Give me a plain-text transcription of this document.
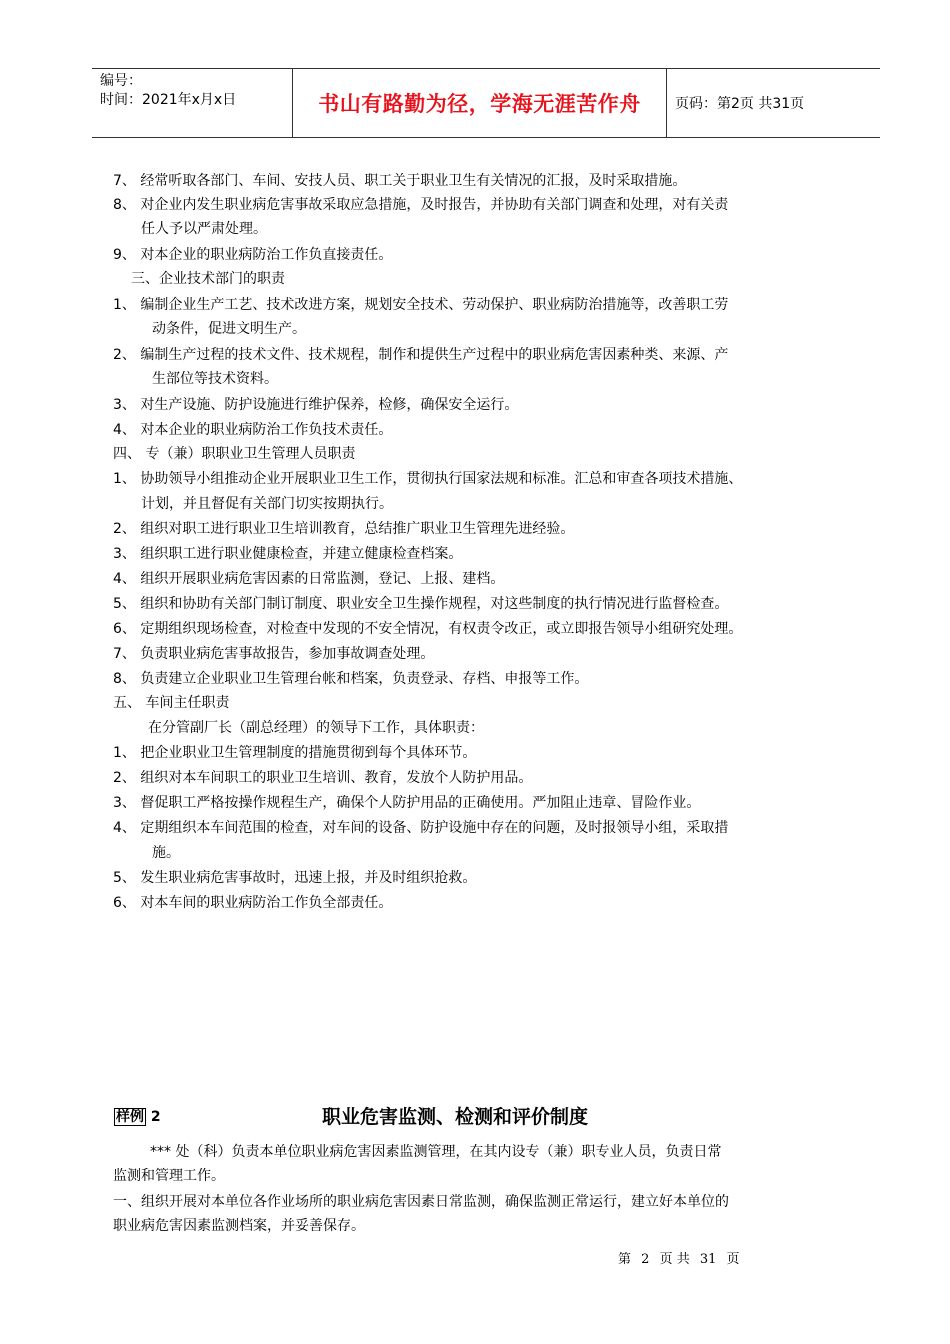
编号：
时间：2021年x月x日	书山有路勤为径，学海无涯苦作舟 页码：第2页 共31页
7、 经常听取各部门、车间、安技人员、职工关于职业卫生有关情况的汇报，及时采取措施。
8、 对企业内发生职业病危害事故采取应急措施，及时报告，并协助有关部门调查和处理，对有关责
任人予以严肃处理。
9、 对本企业的职业病防治工作负直接责任。
三、企业技术部门的职责
1、 编制企业生产工艺、技术改进方案，规划安全技术、劳动保护、职业病防治措施等，改善职工劳
动条件，促进文明生产。
2、 编制生产过程的技术文件、技术规程，制作和提供生产过程中的职业病危害因素种类、来源、产
生部位等技术资料。
3、 对生产设施、防护设施进行维护保养，检修，确保安全运行。
4、 对本企业的职业病防治工作负技术责任。
四、 专（兼）职职业卫生管理人员职责
1、 协助领导小组推动企业开展职业卫生工作，贯彻执行国家法规和标准。汇总和审查各项技术措施、
计划，并且督促有关部门切实按期执行。
2、 组织对职工进行职业卫生培训教育，总结推广职业卫生管理先进经验。
3、 组织职工进行职业健康检查，并建立健康检查档案。
4、 组织开展职业病危害因素的日常监测，登记、上报、建档。
5、 组织和协助有关部门制订制度、职业安全卫生操作规程，对这些制度的执行情况进行监督检查。
6、 定期组织现场检查，对检查中发现的不安全情况，有权责令改正，或立即报告领导小组研究处理。
7、 负责职业病危害事故报告，参加事故调查处理。
8、 负责建立企业职业卫生管理台帐和档案，负责登录、存档、申报等工作。
五、 车间主任职责
在分管副厂长（副总经理）的领导下工作，具体职责：
1、 把企业职业卫生管理制度的措施贯彻到每个具体环节。
2、 组织对本车间职工的职业卫生培训、教育，发放个人防护用品。
3、 督促职工严格按操作规程生产，确保个人防护用品的正确使用。严加阻止违章、冒险作业。
4、 定期组织本车间范围的检查，对车间的设备、防护设施中存在的问题，及时报领导小组，采取措
施。
5、 发生职业病危害事故时，迅速上报，并及时组织抢救。
6、 对本车间的职业病防治工作负全部责任。
样例 2	职业危害监测、检测和评价制度
*** 处（科）负责本单位职业病危害因素监测管理，在其内设专（兼）职专业人员，负责日常
监测和管理工作。
一、组织开展对本单位各作业场所的职业病危害因素日常监测，确保监测正常运行，建立好本单位的
职业病危害因素监测档案，并妥善保存。
第 2 页 共 31 页
